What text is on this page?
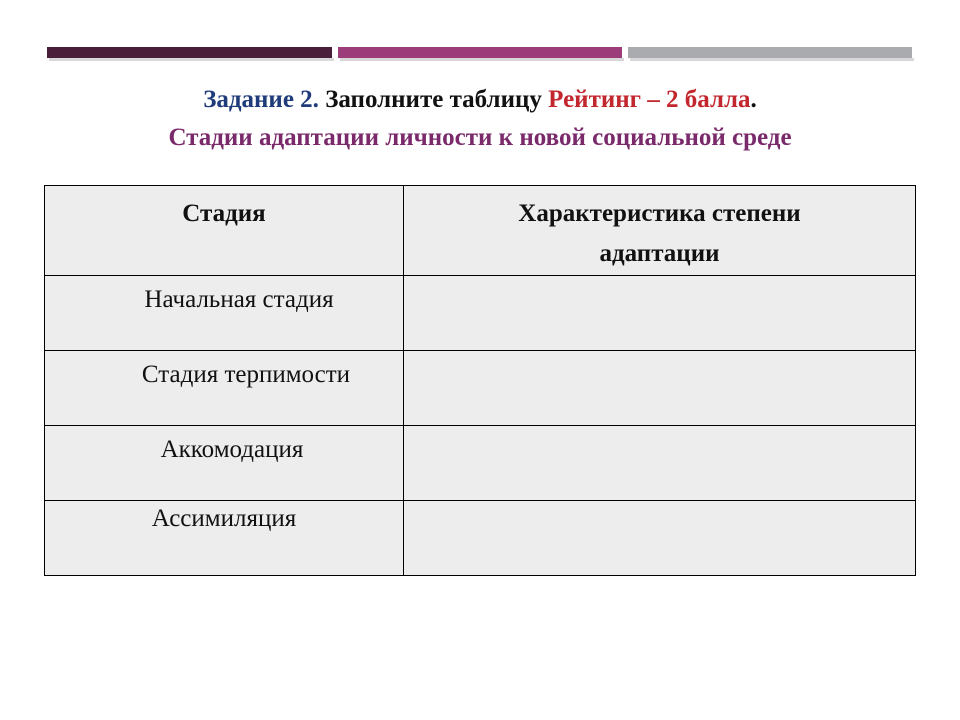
Задание 2. Заполните таблицу Рейтинг – 2 балла.
Стадии адаптации личности к новой социальной среде
Стадия	Характеристика степени
адаптации

Начальная стадия	

Стадия терпимости	

Аккомодация	

Ассимиляция	
